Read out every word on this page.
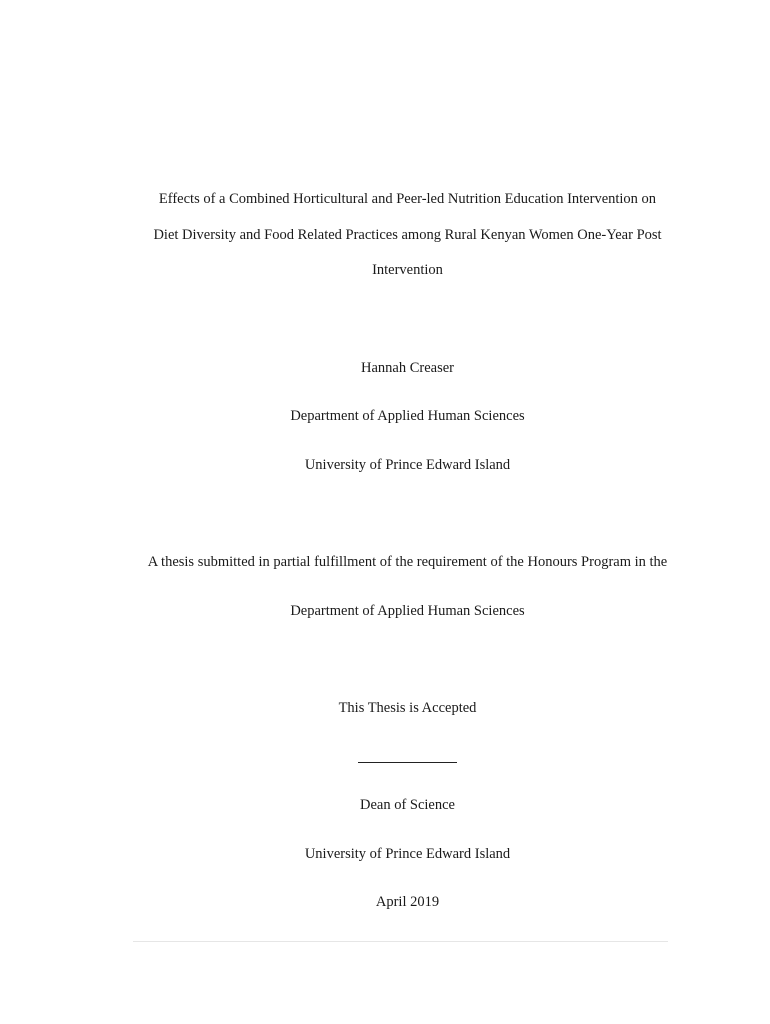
Effects of a Combined Horticultural and Peer-led Nutrition Education Intervention on
Diet Diversity and Food Related Practices among Rural Kenyan Women One-Year Post
Intervention
Hannah Creaser
Department of Applied Human Sciences
University of Prince Edward Island
A thesis submitted in partial fulfillment of the requirement of the Honours Program in the
Department of Applied Human Sciences
This Thesis is Accepted
Dean of Science
University of Prince Edward Island
April 2019
